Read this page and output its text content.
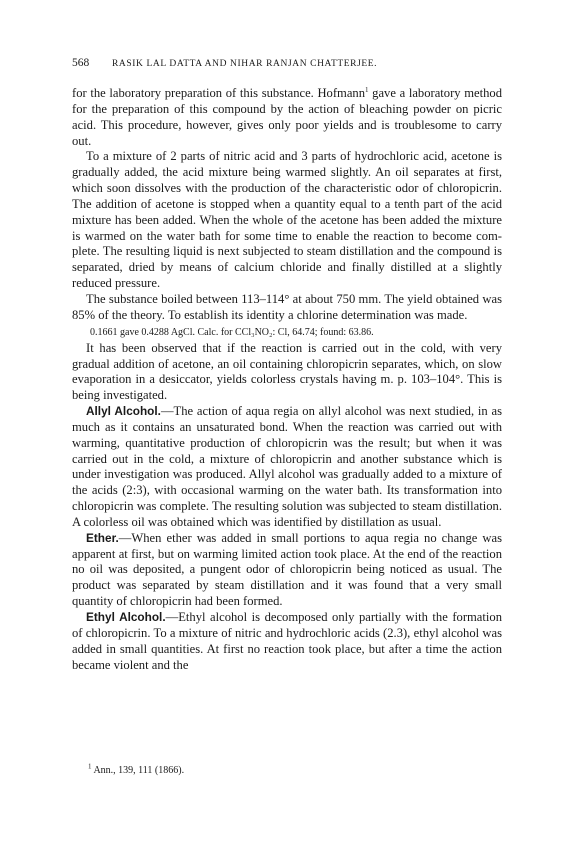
568 RASIK LAL DATTA AND NIHAR RANJAN CHATTERJEE.

for the laboratory preparation of this substance. Hofmann$^1$ gave a laboratory method for the preparation of this compound by the action of bleaching powder on picric acid. This procedure, however, gives only poor yields and is troublesome to carry out.

To a mixture of 2 parts of nitric acid and 3 parts of hydrochloric acid, acetone is gradually added, the acid mixture being warmed slightly. An oil separates at first, which soon dissolves with the production of the characteristic odor of chloropicrin. The addition of acetone is stopped when a quantity equal to a tenth part of the acid mixture has been added. When the whole of the acetone has been added the mixture is warmed on the water bath for some time to enable the reaction to become complete. The resulting liquid is next subjected to steam distillation and the compound is separated, dried by means of calcium chloride and finally distilled at a slightly reduced pressure.

The substance boiled between 113–114° at about 750 mm. The yield obtained was 85% of the theory. To establish its identity a chlorine determination was made.

0.1661 gave 0.4288 AgCl. Calc. for CCl₃NO₂: Cl, 64.74; found: 63.86.

It has been observed that if the reaction is carried out in the cold, with very gradual addition of acetone, an oil containing chloropicrin separates, which, on slow evaporation in a desiccator, yields colorless crystals having m. p. 103–104°. This is being investigated.

Allyl Alcohol.—The action of aqua regia on allyl alcohol was next studied, in as much as it contains an unsaturated bond. When the reaction was carried out with warming, quantitative production of chloropicrin was the result; but when it was carried out in the cold, a mixture of chloropicrin and another substance which is under investigation was produced. Allyl alcohol was gradually added to a mixture of the acids (2:3), with occasional warming on the water bath. Its transformation into chloropicrin was complete. The resulting solution was subjected to steam distillation. A colorless oil was obtained which was identified by distillation as usual.

Ether.—When ether was added in small portions to aqua regia no change was apparent at first, but on warming limited action took place. At the end of the reaction no oil was deposited, a pungent odor of chloropicrin being noticed as usual. The product was separated by steam distillation and it was found that a very small quantity of chloropicrin had been formed.

Ethyl Alcohol.—Ethyl alcohol is decomposed only partially with the formation of chloropicrin. To a mixture of nitric and hydrochloric acids (2.3), ethyl alcohol was added in small quantities. At first no reaction took place, but after a time the action became violent and the

$^1$ Ann., 139, 111 (1866).
